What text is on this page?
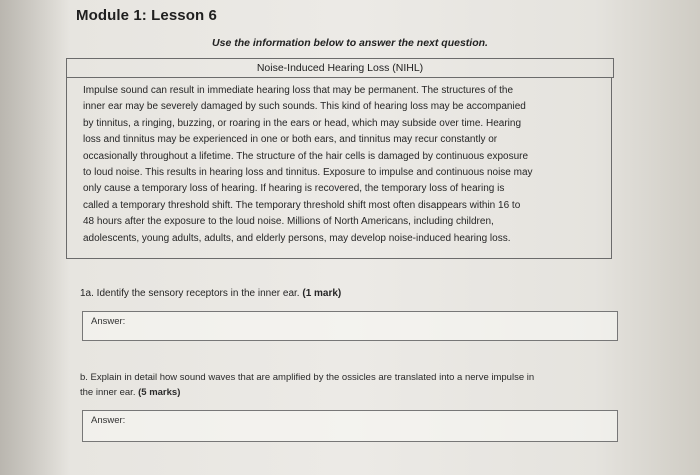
Module 1: Lesson 6
Use the information below to answer the next question.
Noise-Induced Hearing Loss (NIHL)
Impulse sound can result in immediate hearing loss that may be permanent. The structures of the
inner ear may be severely damaged by such sounds. This kind of hearing loss may be accompanied
by tinnitus, a ringing, buzzing, or roaring in the ears or head, which may subside over time. Hearing
loss and tinnitus may be experienced in one or both ears, and tinnitus may recur constantly or
occasionally throughout a lifetime. The structure of the hair cells is damaged by continuous exposure
to loud noise. This results in hearing loss and tinnitus. Exposure to impulse and continuous noise may
only cause a temporary loss of hearing. If hearing is recovered, the temporary loss of hearing is
called a temporary threshold shift. The temporary threshold shift most often disappears within 16 to
48 hours after the exposure to the loud noise. Millions of North Americans, including children,
adolescents, young adults, adults, and elderly persons, may develop noise-induced hearing loss.
1a. Identify the sensory receptors in the inner ear. (1 mark)
Answer:
b. Explain in detail how sound waves that are amplified by the ossicles are translated into a nerve impulse in
the inner ear. (5 marks)
Answer:
